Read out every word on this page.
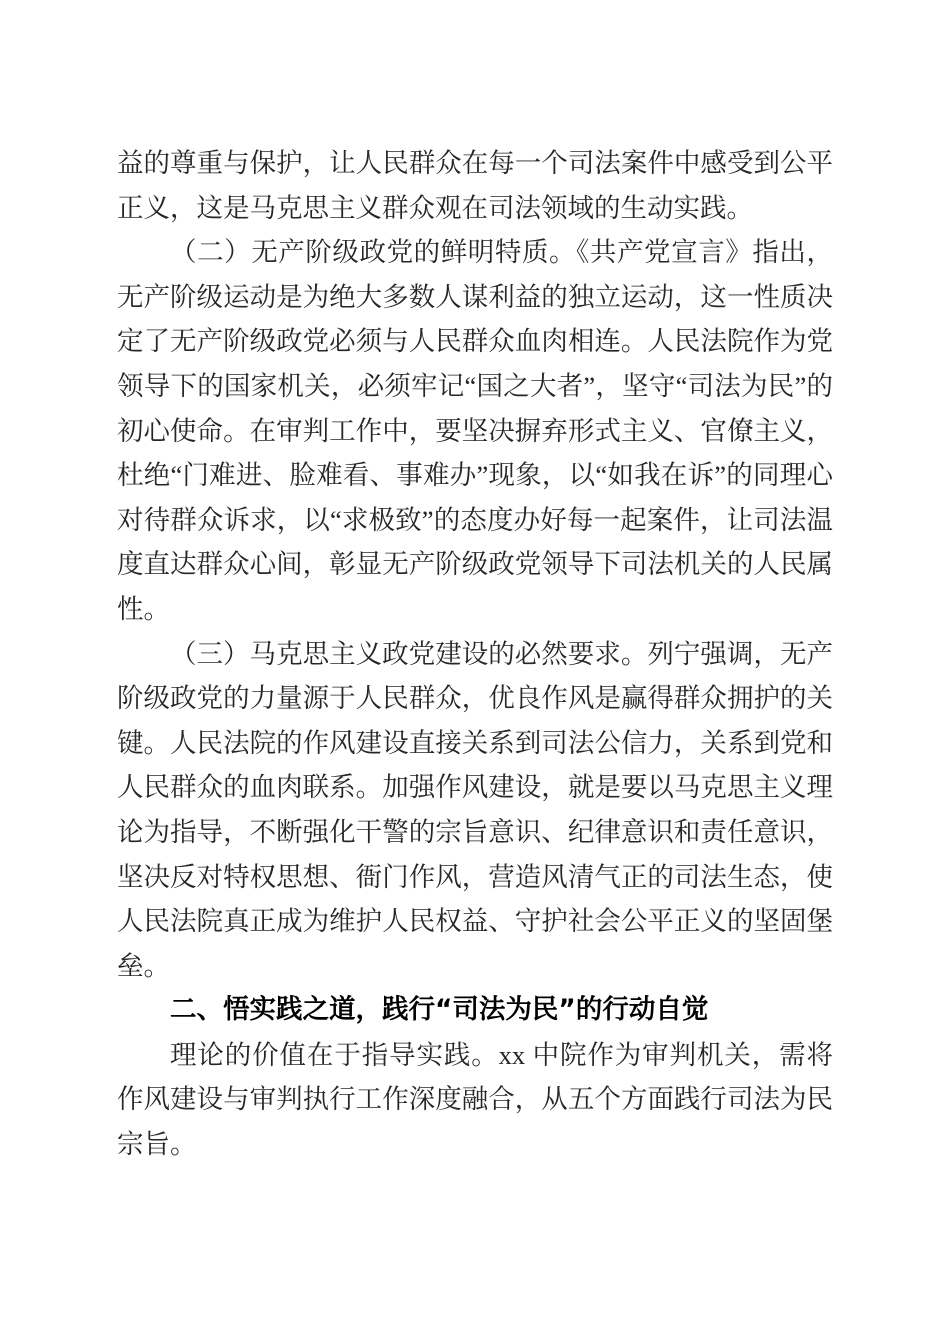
益的尊重与保护，让人民群众在每一个司法案件中感受到公平正义，这是马克思主义群众观在司法领域的生动实践。

（二）无产阶级政党的鲜明特质。《共产党宣言》指出，无产阶级运动是为绝大多数人谋利益的独立运动，这一性质决定了无产阶级政党必须与人民群众血肉相连。人民法院作为党领导下的国家机关，必须牢记“国之大者”，坚守“司法为民”的初心使命。在审判工作中，要坚决摒弃形式主义、官僚主义，杜绝“门难进、脸难看、事难办”现象，以“如我在诉”的同理心对待群众诉求，以“求极致”的态度办好每一起案件，让司法温度直达群众心间，彰显无产阶级政党领导下司法机关的人民属性。

（三）马克思主义政党建设的必然要求。列宁强调，无产阶级政党的力量源于人民群众，优良作风是赢得群众拥护的关键。人民法院的作风建设直接关系到司法公信力，关系到党和人民群众的血肉联系。加强作风建设，就是要以马克思主义理论为指导，不断强化干警的宗旨意识、纪律意识和责任意识，坚决反对特权思想、衙门作风，营造风清气正的司法生态，使人民法院真正成为维护人民权益、守护社会公平正义的坚固堡垒。

二、悟实践之道，践行“司法为民”的行动自觉

理论的价值在于指导实践。xx 中院作为审判机关，需将作风建设与审判执行工作深度融合，从五个方面践行司法为民宗旨。
